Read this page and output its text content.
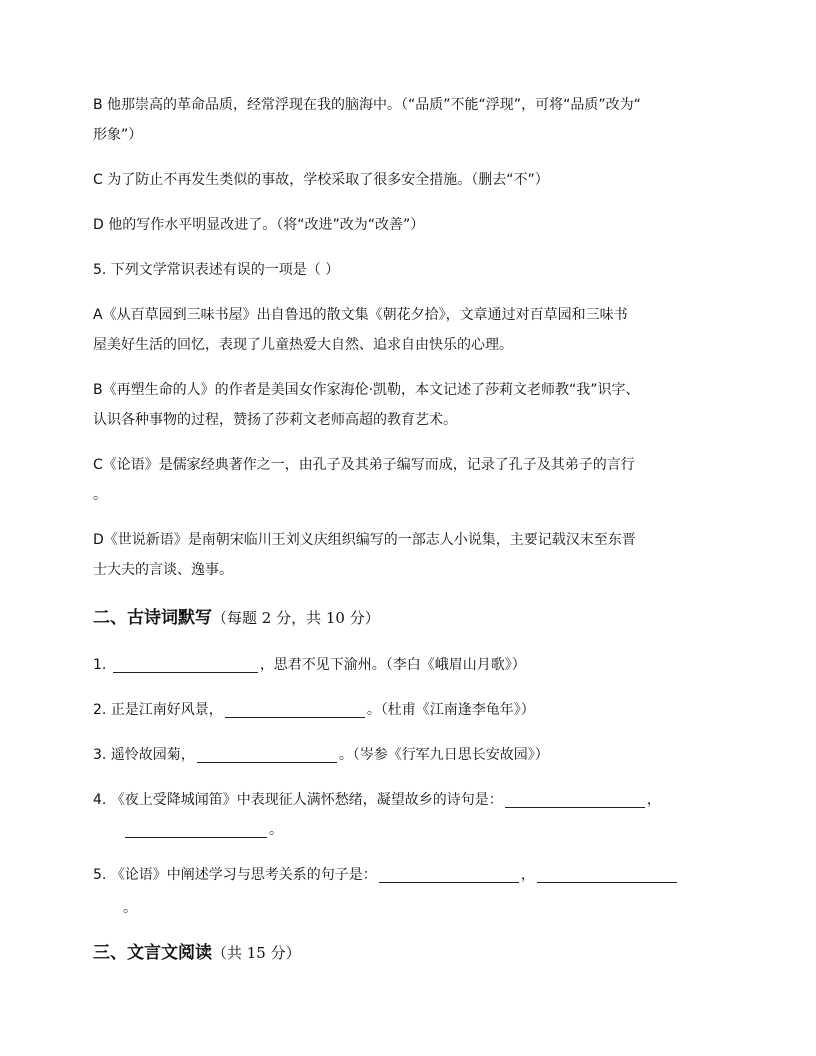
B 他那崇高的革命品质，经常浮现在我的脑海中。（“品质”不能“浮现”，可将“品质”改为“
形象”）
C 为了防止不再发生类似的事故，学校采取了很多安全措施。（删去“不”）
D 他的写作水平明显改进了。（将“改进”改为“改善”）
5. 下列文学常识表述有误的一项是（ ）
A《从百草园到三味书屋》出自鲁迅的散文集《朝花夕拾》，文章通过对百草园和三味书
屋美好生活的回忆，表现了儿童热爱大自然、追求自由快乐的心理。
B《再塑生命的人》的作者是美国女作家海伦·凯勒，本文记述了莎莉文老师教“我”识字、
认识各种事物的过程，赞扬了莎莉文老师高超的教育艺术。
C《论语》是儒家经典著作之一，由孔子及其弟子编写而成，记录了孔子及其弟子的言行
。
D《世说新语》是南朝宋临川王刘义庆组织编写的一部志人小说集，主要记载汉末至东晋
士大夫的言谈、逸事。
二、古诗词默写（每题 2 分，共 10 分）
1.	，思君不见下渝州。（李白《峨眉山月歌》）
2. 正是江南好风景，	。（杜甫《江南逢李龟年》）
3. 遥怜故园菊，	。（岑参《行军九日思长安故园》）
4. 《夜上受降城闻笛》中表现征人满怀愁绪，凝望故乡的诗句是：	，
。
5. 《论语》中阐述学习与思考关系的句子是：	，
。
三、文言文阅读（共 15 分）
